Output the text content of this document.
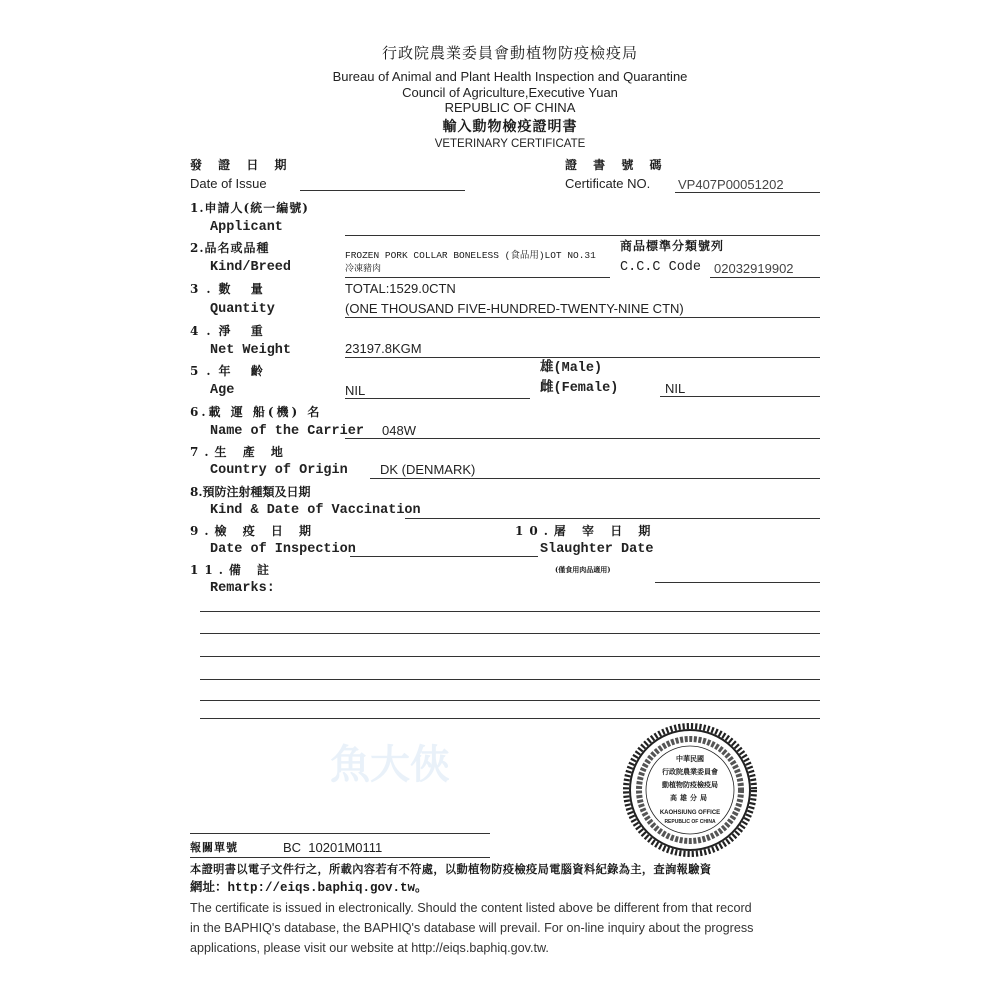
魚大俠
行政院農業委員會動植物防疫檢疫局
Bureau of Animal and Plant Health Inspection and Quarantine
Council of Agriculture,Executive Yuan
REPUBLIC OF CHINA
輸入動物檢疫證明書
VETERINARY CERTIFICATE
發 證 日 期
Date of Issue
證 書 號 碼
Certificate NO. VP407P00051202
1.申請人(統一編號)
Applicant
2.品名或品種
Kind/Breed
FROZEN PORK COLLAR BONELESS (食品用)LOT NO.31
冷凍豬肉
商品標準分類號列
C.C.C Code 02032919902
3.數 量
Quantity
TOTAL:1529.0CTN
(ONE THOUSAND FIVE-HUNDRED-TWENTY-NINE CTN)
4.淨 重
Net Weight	23197.8KGM
5.年 齡
Age	NIL
雄(Male)
雌(Female)	NIL
6.載 運 船(機) 名
Name of the Carrier 048W
7.生 產 地
Country of Origin DK (DENMARK)
8.預防注射種類及日期
Kind & Date of Vaccination
9.檢 疫 日 期
Date of Inspection
10.屠 宰 日 期
Slaughter Date
11.備 註
Remarks:
(僅食用肉品適用)
中華民國
行政院農業委員會
動植物防疫檢疫局
高雄分局
KAOHSIUNG OFFICE
REPUBLIC OF CHINA
報關單號	BC  10201M0111
本證明書以電子文件行之，所載內容若有不符處，以動植物防疫檢疫局電腦資料紀錄為主，查詢報驗資
網址：http://eiqs.baphiq.gov.tw。
The certificate is issued in electronically. Should the content listed above be different from that record
in the BAPHIQ's database, the BAPHIQ's database will prevail. For on-line inquiry about the progress
applications, please visit our website at http://eiqs.baphiq.gov.tw.
